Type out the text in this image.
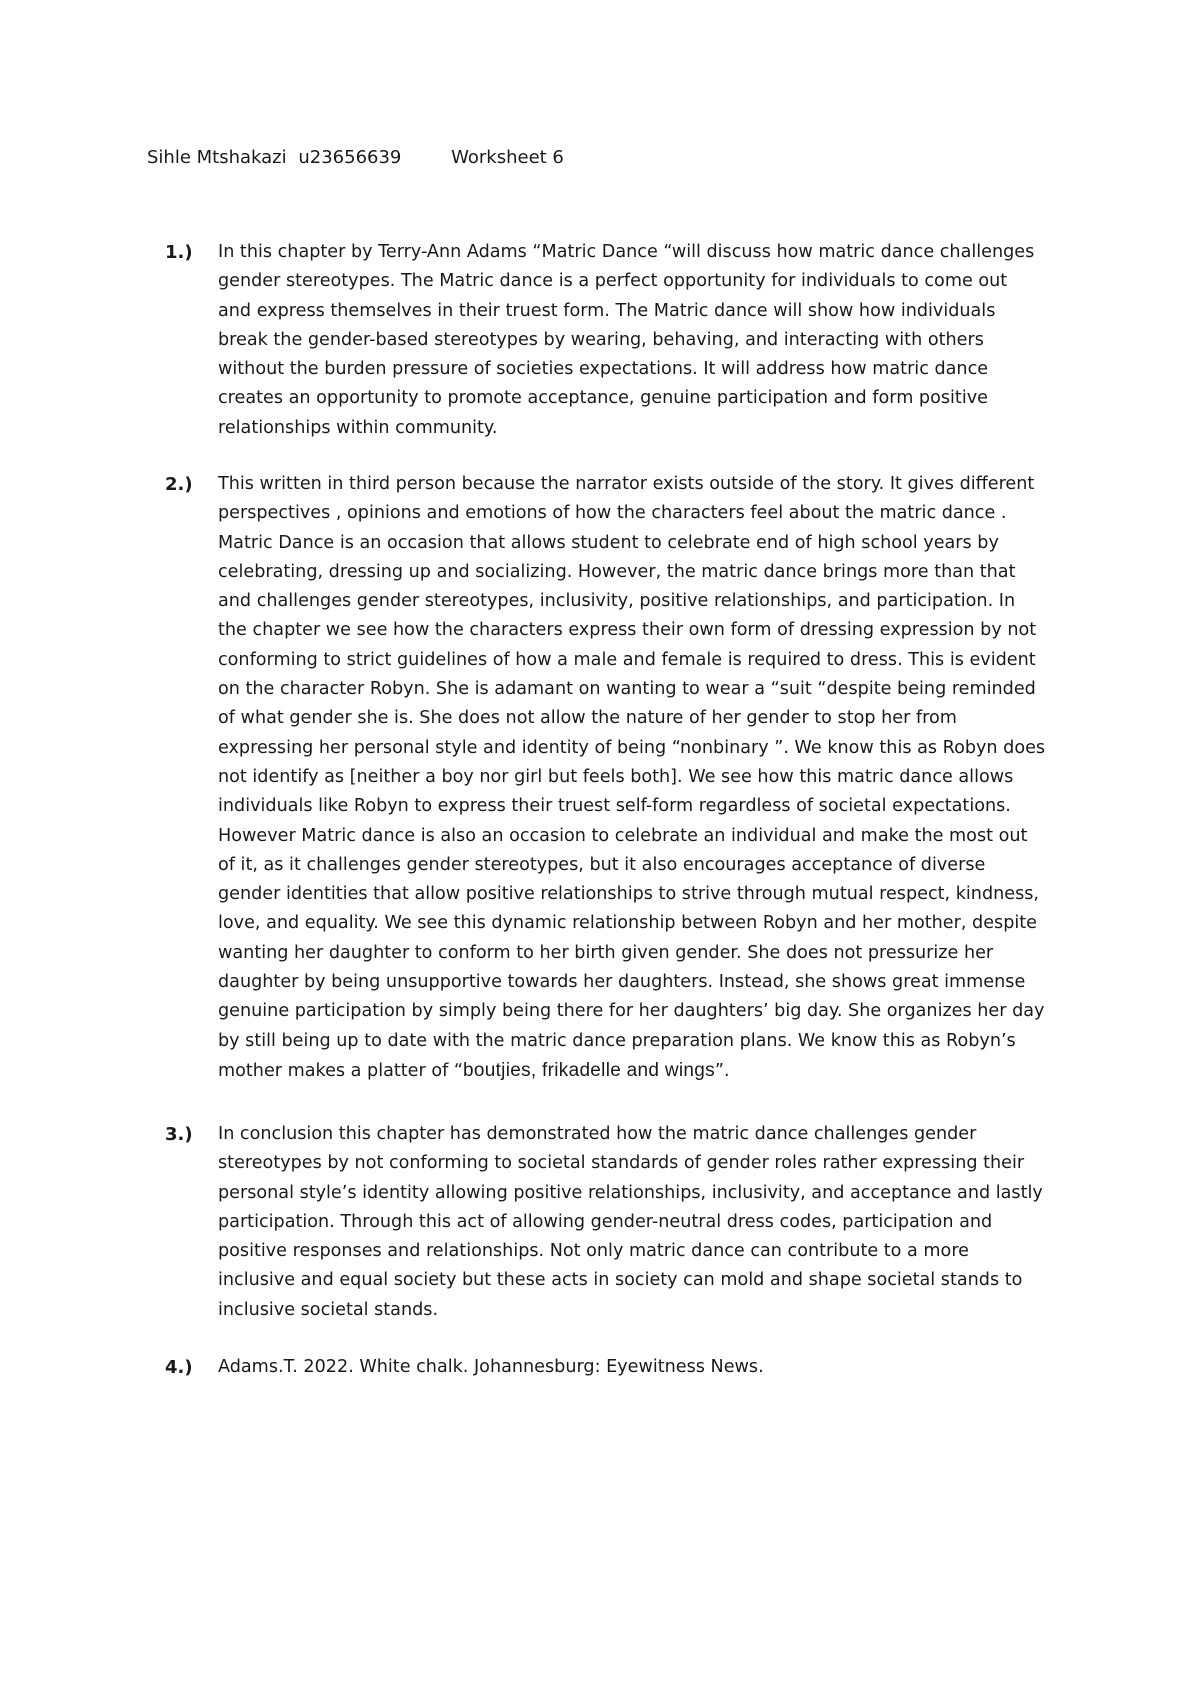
Sihle Mtshakazi u23656639	Worksheet 6
1.)	In this chapter by Terry-Ann Adams “Matric Dance “will discuss how matric dance challenges
gender stereotypes. The Matric dance is a perfect opportunity for individuals to come out
and express themselves in their truest form. The Matric dance will show how individuals
break the gender-based stereotypes by wearing, behaving, and interacting with others
without the burden pressure of societies expectations. It will address how matric dance
creates an opportunity to promote acceptance, genuine participation and form positive
relationships within community.
2.)	This written in third person because the narrator exists outside of the story. It gives different
perspectives , opinions and emotions of how the characters feel about the matric dance .
Matric Dance is an occasion that allows student to celebrate end of high school years by
celebrating, dressing up and socializing. However, the matric dance brings more than that
and challenges gender stereotypes, inclusivity, positive relationships, and participation. In
the chapter we see how the characters express their own form of dressing expression by not
conforming to strict guidelines of how a male and female is required to dress. This is evident
on the character Robyn. She is adamant on wanting to wear a “suit “despite being reminded
of what gender she is. She does not allow the nature of her gender to stop her from
expressing her personal style and identity of being “nonbinary ”. We know this as Robyn does
not identify as [neither a boy nor girl but feels both]. We see how this matric dance allows
individuals like Robyn to express their truest self-form regardless of societal expectations.
However Matric dance is also an occasion to celebrate an individual and make the most out
of it, as it challenges gender stereotypes, but it also encourages acceptance of diverse
gender identities that allow positive relationships to strive through mutual respect, kindness,
love, and equality. We see this dynamic relationship between Robyn and her mother, despite
wanting her daughter to conform to her birth given gender. She does not pressurize her
daughter by being unsupportive towards her daughters. Instead, she shows great immense
genuine participation by simply being there for her daughters’ big day. She organizes her day
by still being up to date with the matric dance preparation plans. We know this as Robyn’s
mother makes a platter of “boutjies, frikadelle and wings”.
3.)	In conclusion this chapter has demonstrated how the matric dance challenges gender
stereotypes by not conforming to societal standards of gender roles rather expressing their
personal style’s identity allowing positive relationships, inclusivity, and acceptance and lastly
participation. Through this act of allowing gender-neutral dress codes, participation and
positive responses and relationships. Not only matric dance can contribute to a more
inclusive and equal society but these acts in society can mold and shape societal stands to
inclusive societal stands.
4.)	Adams.T. 2022. White chalk. Johannesburg: Eyewitness News.
